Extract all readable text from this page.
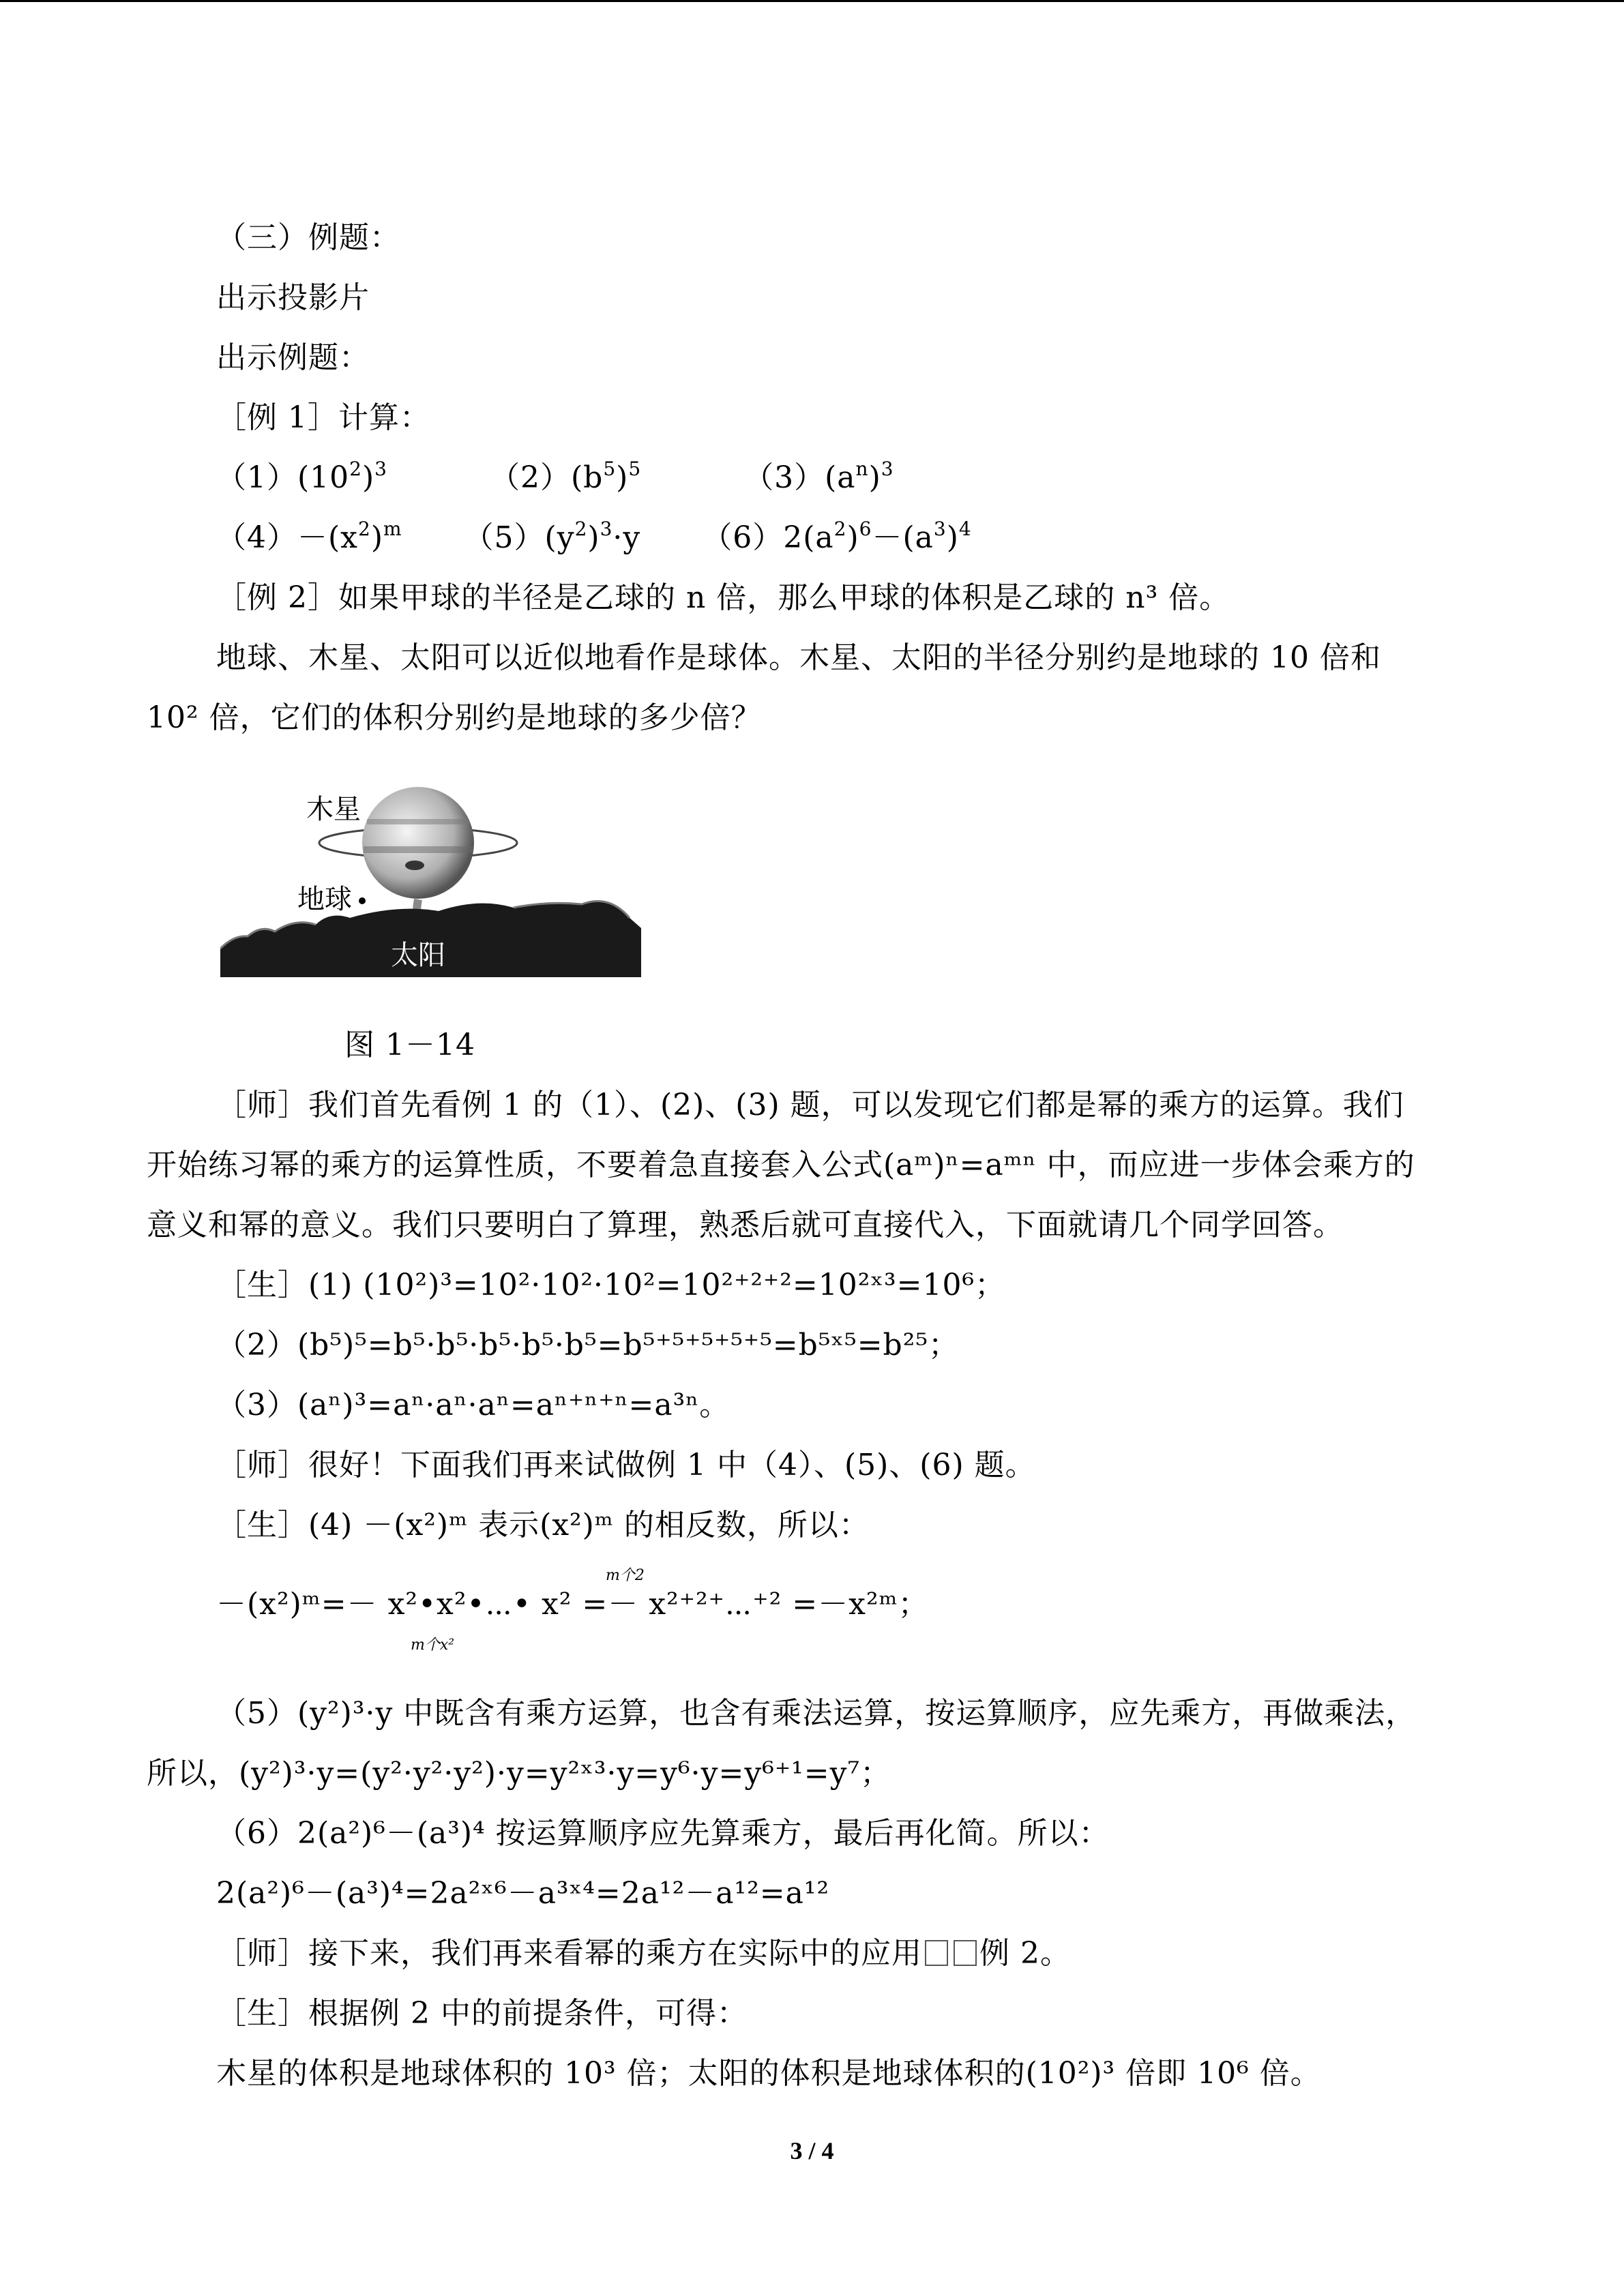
（三）例题：
出示投影片
出示例题：
［例 1］计算：
$(1)(10^2)^3$	$(2)(b^5)^5$	$(3)(a^n)^3$
$(4)-(x^2)^m$ $(5)(y^2)^3\cdot y$  $(6)2(a^2)^6-(a^3)^4$
［例 2］如果甲球的半径是乙球的 n 倍，那么甲球的体积是乙球的 n³ 倍。
地球、木星、太阳可以近似地看作是球体。木星、太阳的半径分别约是地球的 10 倍和
10² 倍，它们的体积分别约是地球的多少倍？
木星
地球
太阳
图 1－14
［师］我们首先看例 1 的（1）、(2)、(3) 题，可以发现它们都是幂的乘方的运算。我们
开始练习幂的乘方的运算性质，不要着急直接套入公式(aᵐ)ⁿ=aᵐⁿ 中，而应进一步体会乘方的
意义和幂的意义。我们只要明白了算理，熟悉后就可直接代入，下面就请几个同学回答。
［生］(1) (10²)³=10²·10²·10²=10²⁺²⁺²=10²ˣ³=10⁶；
（2）(b⁵)⁵=b⁵·b⁵·b⁵·b⁵·b⁵=b⁵⁺⁵⁺⁵⁺⁵⁺⁵=b⁵ˣ⁵=b²⁵；
（3）(aⁿ)³=aⁿ·aⁿ·aⁿ=aⁿ⁺ⁿ⁺ⁿ=a³ⁿ。
［师］很好！下面我们再来试做例 1 中（4）、(5)、(6) 题。
［生］(4) －(x²)ᵐ 表示(x²)ᵐ 的相反数，所以：
m个2
－(x²)ᵐ=－ x²•x²•⋯• x² =－ x²⁺²⁺⋯⁺² =－x²ᵐ；
m个x²
（5）(y²)³·y 中既含有乘方运算，也含有乘法运算，按运算顺序，应先乘方，再做乘法，
所以，(y²)³·y=(y²·y²·y²)·y=y²ˣ³·y=y⁶·y=y⁶⁺¹=y⁷；
（6）2(a²)⁶－(a³)⁴ 按运算顺序应先算乘方，最后再化简。所以：
2(a²)⁶－(a³)⁴=2a²ˣ⁶－a³ˣ⁴=2a¹²－a¹²=a¹²
［师］接下来，我们再来看幂的乘方在实际中的应用 例 2。
［生］根据例 2 中的前提条件，可得：
木星的体积是地球体积的 10³ 倍；太阳的体积是地球体积的(10²)³ 倍即 10⁶ 倍。
3 / 4
